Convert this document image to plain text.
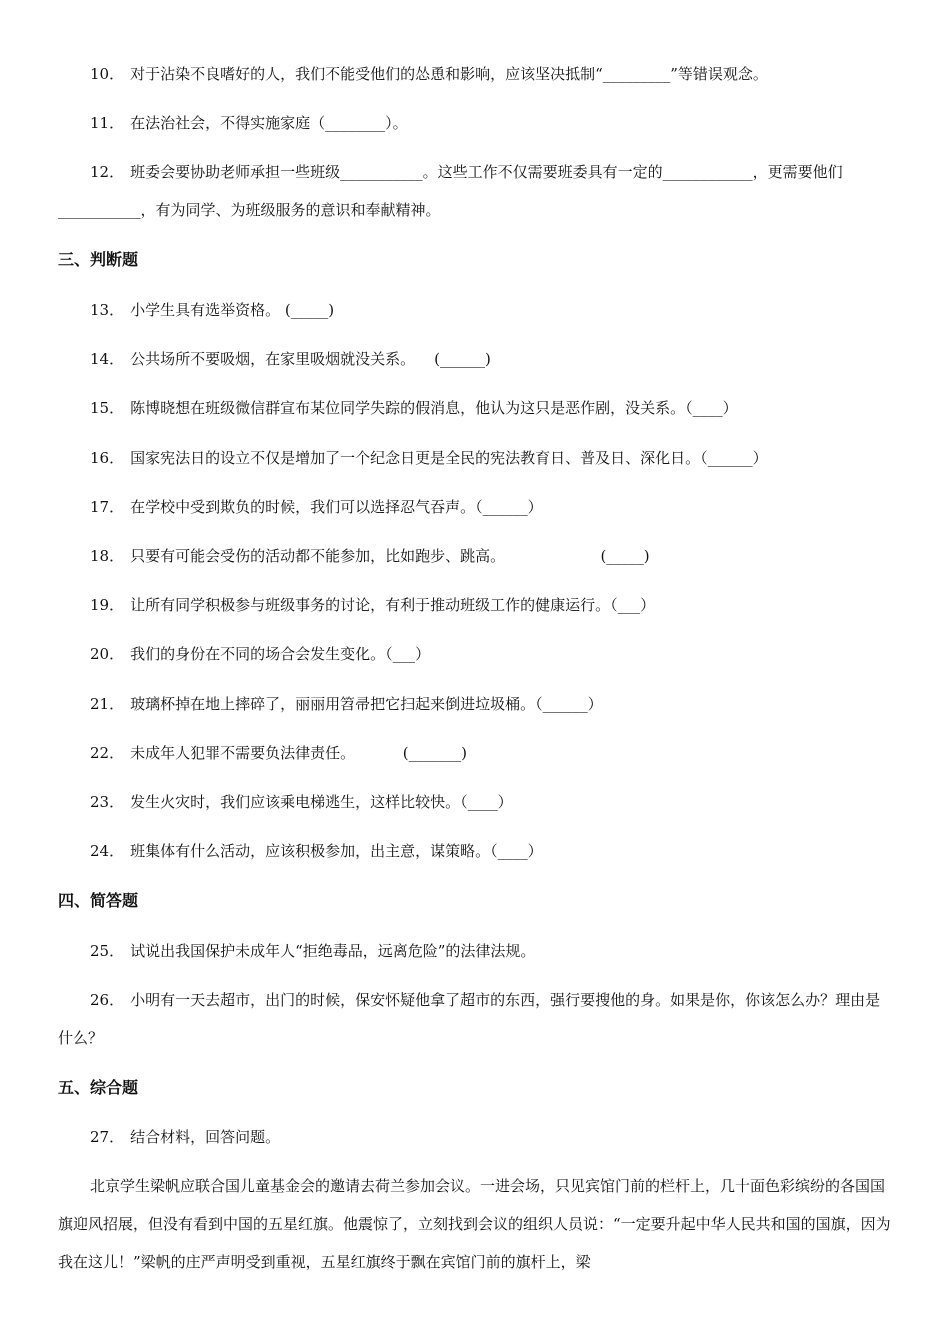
10． 对于沾染不良嗜好的人，我们不能受他们的怂恿和影响，应该坚决抵制“_________”等错误观念。
11． 在法治社会，不得实施家庭（________）。
12． 班委会要协助老师承担一些班级___________。这些工作不仅需要班委具有一定的____________，更需要他们___________，有为同学、为班级服务的意识和奉献精神。
三、判断题
13． 小学生具有选举资格。 (_____)
14． 公共场所不要吸烟，在家里吸烟就没关系。    (______)
15． 陈博晓想在班级微信群宣布某位同学失踪的假消息，他认为这只是恶作剧，没关系。（____）
16． 国家宪法日的设立不仅是增加了一个纪念日更是全民的宪法教育日、普及日、深化日。（______）
17． 在学校中受到欺负的时候，我们可以选择忍气吞声。（______）
18． 只要有可能会受伤的活动都不能参加，比如跑步、跳高。                    (_____)
19． 让所有同学积极参与班级事务的讨论，有利于推动班级工作的健康运行。（___）
20． 我们的身份在不同的场合会发生变化。（___）
21． 玻璃杯掉在地上摔碎了，丽丽用笤帚把它扫起来倒进垃圾桶。（______）
22． 未成年人犯罪不需要负法律责任。          (_______)
23． 发生火灾时，我们应该乘电梯逃生，这样比较快。（____）
24． 班集体有什么活动，应该积极参加，出主意，谋策略。（____）
四、简答题
25． 试说出我国保护未成年人“拒绝毒品，远离危险”的法律法规。
26． 小明有一天去超市，出门的时候，保安怀疑他拿了超市的东西，强行要搜他的身。如果是你，你该怎么办？理由是什么？
五、综合题
27． 结合材料，回答问题。
北京学生梁帆应联合国儿童基金会的邀请去荷兰参加会议。一进会场，只见宾馆门前的栏杆上，几十面色彩缤纷的各国国旗迎风招展，但没有看到中国的五星红旗。他震惊了，立刻找到会议的组织人员说：“一定要升起中华人民共和国的国旗，因为我在这儿！”梁帆的庄严声明受到重视，五星红旗终于飘在宾馆门前的旗杆上，梁
